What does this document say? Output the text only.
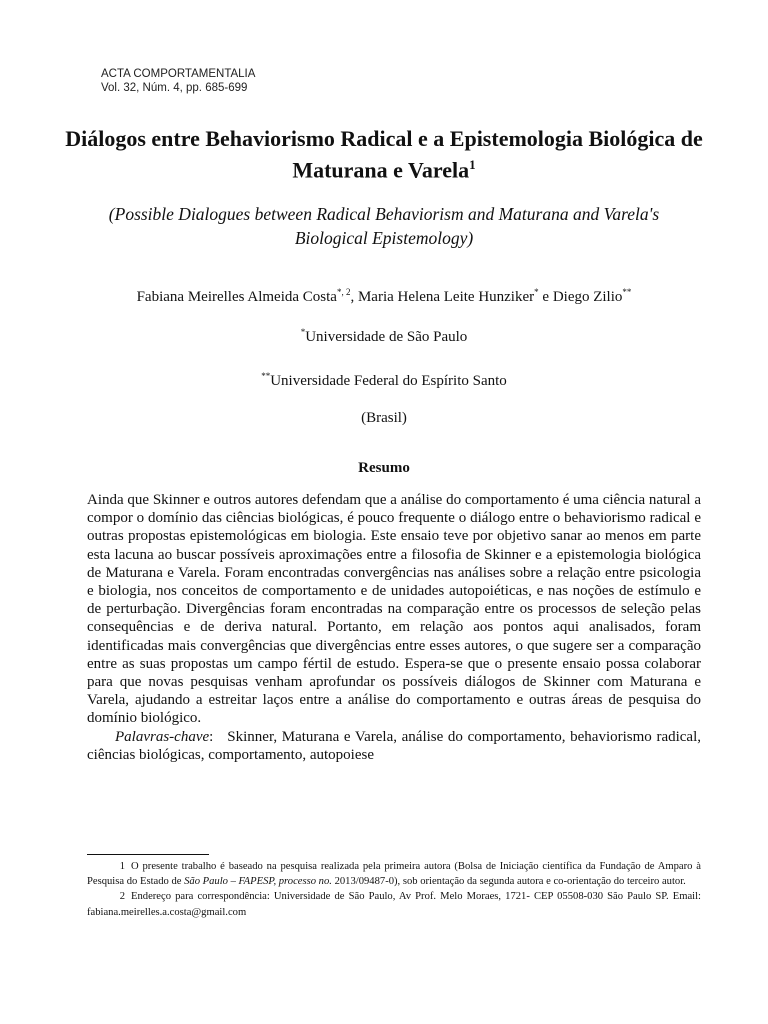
ACTA COMPORTAMENTALIA
Vol. 32, Núm. 4, pp. 685-699
Diálogos entre Behaviorismo Radical e a Epistemologia Biológica de Maturana e Varela$^1$
(Possible Dialogues between Radical Behaviorism and Maturana and Varela's Biological Epistemology)
Fabiana Meirelles Almeida Costa$^{*, 2}$, Maria Helena Leite Hunziker* e Diego Zilio**
*Universidade de São Paulo
**Universidade Federal do Espírito Santo
(Brasil)
Resumo

Ainda que Skinner e outros autores defendam que a análise do comportamento é uma ciência natural a compor o domínio das ciências biológicas, é pouco frequente o diálogo entre o behaviorismo radical e outras propostas epistemológicas em biologia. Este ensaio teve por objetivo sanar ao menos em parte esta lacuna ao buscar possíveis aproximações entre a filosofia de Skinner e a epistemologia biológica de Maturana e Varela. Foram encontradas convergências nas análises sobre a relação entre psicologia e biologia, nos conceitos de comportamento e de unidades autopoiéticas, e nas noções de estímulo e de perturbação. Divergências foram encontradas na comparação entre os processos de seleção pelas consequências e de deriva natural. Portanto, em relação aos pontos aqui analisados, foram identificadas mais convergências que divergências entre esses autores, o que sugere ser a comparação entre as suas propostas um campo fértil de estudo. Espera-se que o presente ensaio possa colaborar para que novas pesquisas venham aprofundar os possíveis diálogos de Skinner com Maturana e Varela, ajudando a estreitar laços entre a análise do comportamento e outras áreas de pesquisa do domínio biológico.

Palavras-chave:   Skinner, Maturana e Varela, análise do comportamento, behaviorismo radical, ciências biológicas, comportamento, autopoiese

1 O presente trabalho é baseado na pesquisa realizada pela primeira autora (Bolsa de Iniciação científica da Fundação de Amparo à Pesquisa do Estado de São Paulo – FAPESP, processo no. 2013/09487-0), sob orientação da segunda autora e co-orientação do terceiro autor.

2 Endereço para correspondência: Universidade de São Paulo, Av Prof. Melo Moraes, 1721- CEP 05508-030 São Paulo SP. Email: fabiana.meirelles.a.costa@gmail.com
